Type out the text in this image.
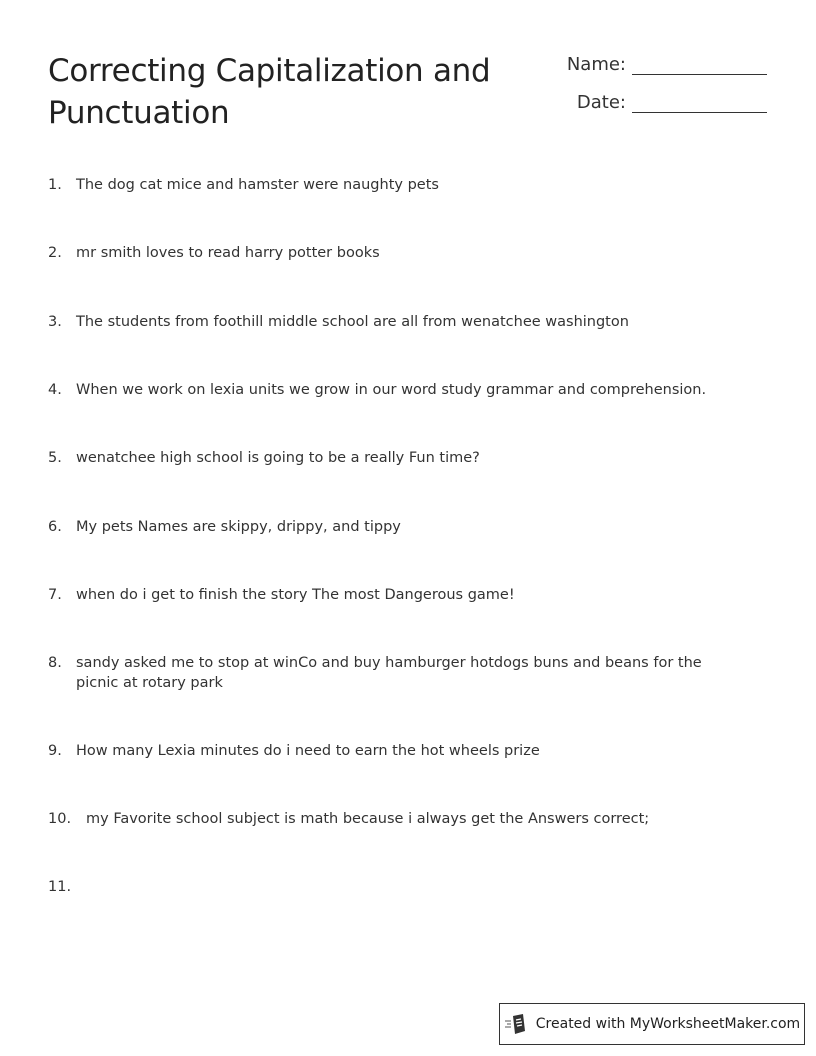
Correcting Capitalization and Punctuation
Name:
Date:
1. The dog cat mice and hamster were naughty pets
2. mr smith loves to read harry potter books
3. The students from foothill middle school are all from wenatchee washington
4. When we work on lexia units we grow in our word study grammar and comprehension.
5. wenatchee high school is going to be a really Fun time?
6. My pets Names are skippy, drippy, and tippy
7. when do i get to finish the story The most Dangerous game!
8. sandy asked me to stop at winCo and buy hamburger hotdogs buns and beans for the picnic at rotary park
9. How many Lexia minutes do i need to earn the hot wheels prize
10.	my Favorite school subject is math because i always get the Answers correct;
11.
Created with MyWorksheetMaker.com
